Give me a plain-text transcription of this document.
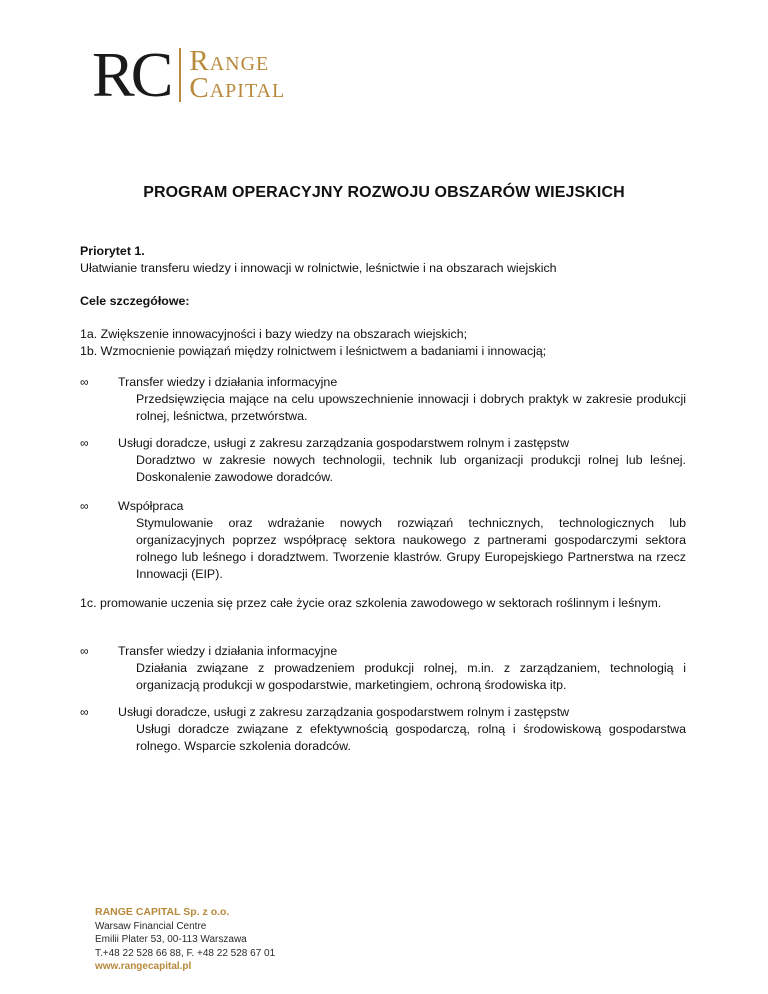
RC Range
Capital
PROGRAM OPERACYJNY ROZWOJU OBSZARÓW WIEJSKICH
Priorytet 1.
Ułatwianie transferu wiedzy i innowacji w rolnictwie, leśnictwie i na obszarach wiejskich
Cele szczegółowe:
1a. Zwiększenie innowacyjności i bazy wiedzy na obszarach wiejskich;
1b. Wzmocnienie powiązań między rolnictwem i leśnictwem a badaniami i innowacją;
∞ Transfer wiedzy i działania informacyjne
Przedsięwzięcia mające na celu upowszechnienie innowacji i dobrych praktyk w zakresie produkcji rolnej, leśnictwa, przetwórstwa.
∞ Usługi doradcze, usługi z zakresu zarządzania gospodarstwem rolnym i zastępstw
Doradztwo w zakresie nowych technologii, technik lub organizacji produkcji rolnej lub leśnej. Doskonalenie zawodowe doradców.
∞ Współpraca
Stymulowanie oraz wdrażanie nowych rozwiązań technicznych, technologicznych lub organizacyjnych poprzez współpracę sektora naukowego z partnerami gospodarczymi sektora rolnego lub leśnego i doradztwem. Tworzenie klastrów. Grupy Europejskiego Partnerstwa na rzecz Innowacji (EIP).
1c. promowanie uczenia się przez całe życie oraz szkolenia zawodowego w sektorach roślinnym i leśnym.
∞ Transfer wiedzy i działania informacyjne
Działania związane z prowadzeniem produkcji rolnej, m.in. z zarządzaniem, technologią i organizacją produkcji w gospodarstwie, marketingiem, ochroną środowiska itp.
∞ Usługi doradcze, usługi z zakresu zarządzania gospodarstwem rolnym i zastępstw
Usługi doradcze związane z efektywnością gospodarczą, rolną i środowiskową gospodarstwa rolnego. Wsparcie szkolenia doradców.
RANGE CAPITAL Sp. z o.o.
Warsaw Financial Centre
Emilii Plater 53, 00-113 Warszawa
T.+48 22 528 66 88, F. +48 22 528 67 01
www.rangecapital.pl
